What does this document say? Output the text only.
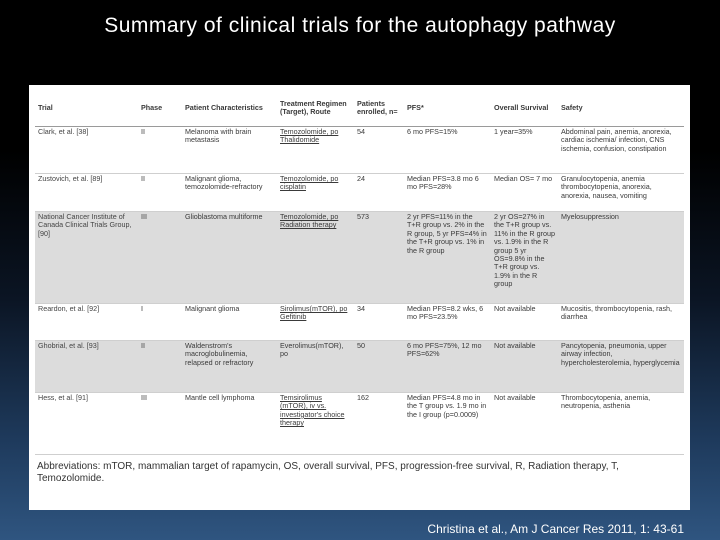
Summary of clinical trials for the autophagy pathway
Trial	Phase	Patient Characteristics	Treatment Regimen (Target), Route	Patients enrolled, n=	PFS*	Overall Survival	Safety
Clark, et al. [38]	II	Melanoma with brain metastasis	Temozolomide, po Thalidomide	54	6 mo PFS=15%	1 year=35%	Abdominal pain, anemia, anorexia, cardiac ischemia/ infection, CNS ischemia, confusion, constipation
Zustovich, et al. [89]	II	Malignant glioma, temozolomide-refractory	Temozolomide, po cisplatin	24	Median PFS=3.8 mo 6 mo PFS=28%	Median OS= 7 mo	Granulocytopenia, anemia thrombocytopenia, anorexia, anorexia, nausea, vomiting
National Cancer Institute of Canada Clinical Trials Group, [90]	III	Glioblastoma multiforme	Temozolomide, po Radiation therapy	573	2 yr PFS=11% in the T+R group vs. 2% in the R group, 5 yr PFS=4% in the T+R group vs. 1% in the R group	2 yr OS=27% in the T+R group vs. 11% in the R group vs. 1.9% in the R group 5 yr OS=9.8% in the T+R group vs. 1.9% in the R group	Myelosuppression
Reardon, et al. [92]	I	Malignant glioma	Sirolimus(mTOR), po Gefitinib	34	Median PFS=8.2 wks, 6 mo PFS=23.5%	Not available	Mucositis, thrombocytopenia, rash, diarrhea
Ghobrial, et al. [93]	II	Waldenstrom's macroglobulinemia, relapsed or refractory	Everolimus(mTOR), po	50	6 mo PFS=75%, 12 mo PFS=62%	Not available	Pancytopenia, pneumonia, upper airway infection, hypercholesterolemia, hyperglycemia
Hess, et al. [91]	III	Mantle cell lymphoma	Temsirolimus (mTOR), iv vs. investigator's choice therapy	162	Median PFS=4.8 mo in the T group vs. 1.9 mo in the I group (p=0.0009)	Not available	Thrombocytopenia, anemia, neutropenia, asthenia
Abbreviations: mTOR, mammalian target of rapamycin, OS, overall survival, PFS, progression-free survival, R, Radiation therapy, T, Temozolomide.
Christina et al., Am J Cancer Res 2011, 1: 43-61
